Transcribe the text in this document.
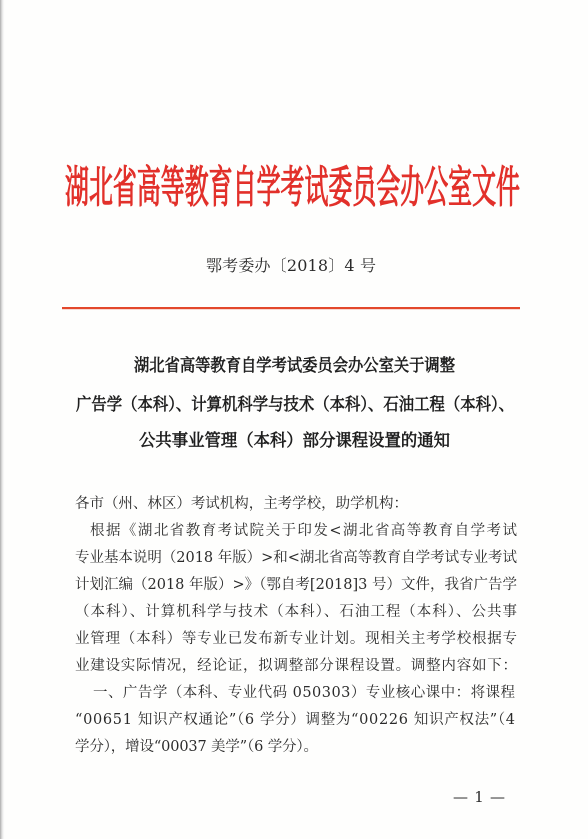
湖北省高等教育自学考试委员会办公室文件
鄂考委办〔2018〕4 号
湖北省高等教育自学考试委员会办公室关于调整
广告学（本科）、计算机科学与技术（本科）、石油工程（本科）、
公共事业管理（本科）部分课程设置的通知
各市（州、林区）考试机构，主考学校，助学机构：
根据《湖北省教育考试院关于印发<湖北省高等教育自学考试
专业基本说明（2018 年版）>和<湖北省高等教育自学考试专业考试
计划汇编（2018 年版）>》（鄂自考[2018]3 号）文件，我省广告学
（本科）、计算机科学与技术（本科）、石油工程（本科）、公共事
业管理（本科）等专业已发布新专业计划。现相关主考学校根据专
业建设实际情况，经论证，拟调整部分课程设置。调整内容如下：
一、广告学（本科、专业代码 050303）专业核心课中：将课程
“00651 知识产权通论”（6 学分）调整为“00226 知识产权法”（4
学分），增设“00037 美学”（6 学分）。
— 1 —
